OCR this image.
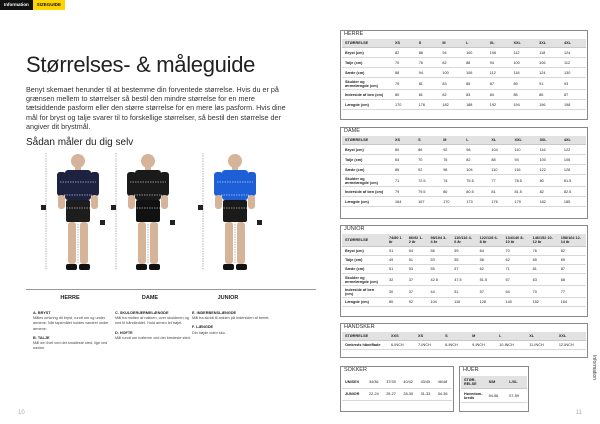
Information	SIZEGUIDE
Størrelses- & måleguide

Benyt skemaet herunder til at bestemme din forventede størrelse. Hvis du er på grænsen mellem to størrelser så bestil den mindre størrelse for en mere tætsiddende pasform eller den større størrelse for en mere løs pasform. Hvis dine mål for bryst og talje svarer til to forskellige størrelser, så bestil den størrelse der angiver dit brystmål.

Sådan måler du dig selv
HERRE	DAME	JUNIOR
A. BRYST
Måles omkring dit bryst, rundt om og under armene. Når tapemålet holdes vandret under armene.
B. TALJE
Mål om livet ved det smalleste sted, lige ved navlen.
C. SKULDER/ÆRMELÆNGDE
Mål fra midten af nakken, over skulderen og ned til håndleddet. Hold armen let bøjet.
D. HOFTE
Mål rundt om hofterne ved det bredeste sted.
E. INDERBENSLÆNGDE
Mål fra skridt til anklen på indersiden af benet.
F. LÆNGDE
Din højde uden sko.
10	11
Information
HERRE
STØRRELSE	XS	S	M	L	XL	XXL	3XL	4XL
Bryst (cm)	82	88	94	100	106	112	118	124
Talje (cm)	70	76	82	88	94	100	106	112
Sæde (cm)	88	94	100	106	112	118	124	130
Skulder og ærmelængde (cm)	79	81	83	85	87	89	91	93
Inderside af ben (cm)	80	81	82	83	84	85	86	87
Længde (cm)	170	176	182	188	192	194	196	198
DAME
STØRRELSE	XS	S	M	L	XL	XXL	3XL	4XL
Bryst (cm)	80	86	92	98	104	110	116	122
Talje (cm)	64	70	76	82	88	94	100	106
Sæde (cm)	86	92	98	104	110	116	122	128
Skulder og ærmelængde (cm)	71	72.5	74	75.5	77	78.5	80	81.5
Inderside af ben (cm)	79	79.5	80	80.5	81	81.5	82	82.5
Længde (cm)	164	167	170	173	176	179	182	185
JUNIOR
STØRRELSE	74/80 1 år	86/92 1-2 år	98/104 3-4 år	110/116 4-6 år	122/128 6-8 år	134/140 8-10 år	146/152 10-12 år	158/164 12-14 år
Bryst (cm)	51	54	56	59	64	70	76	82
Talje (cm)	49	51	53	55	58	62	65	69
Sæde (cm)	51	53	55	57	62	71	81	87
Skulder og ærmelængde (cm)	32	37	42.5	47.5	51.5	57	63	68
Inderside af ben (cm)	30	37	44	51	57	64	70	77
Længde (cm)	80	92	104	116	128	140	152	164
HANDSKER
STØRRELSE	XXS	XS	S	M	L	XL	XXL
Omkreds håndflade	6-INCH	7-INCH	8-INCH	9-INCH	10-INCH	11-INCH	12-INCH
SOKKER
UNISEX	34/36	37/39	40/42	43/45	46/48
JUNIOR	22-24	25-27	28-30	31-33	34-36
HUER
STØR-RELSE	S/M	L/XL
Hovedom-kreds	54-56	57-59
